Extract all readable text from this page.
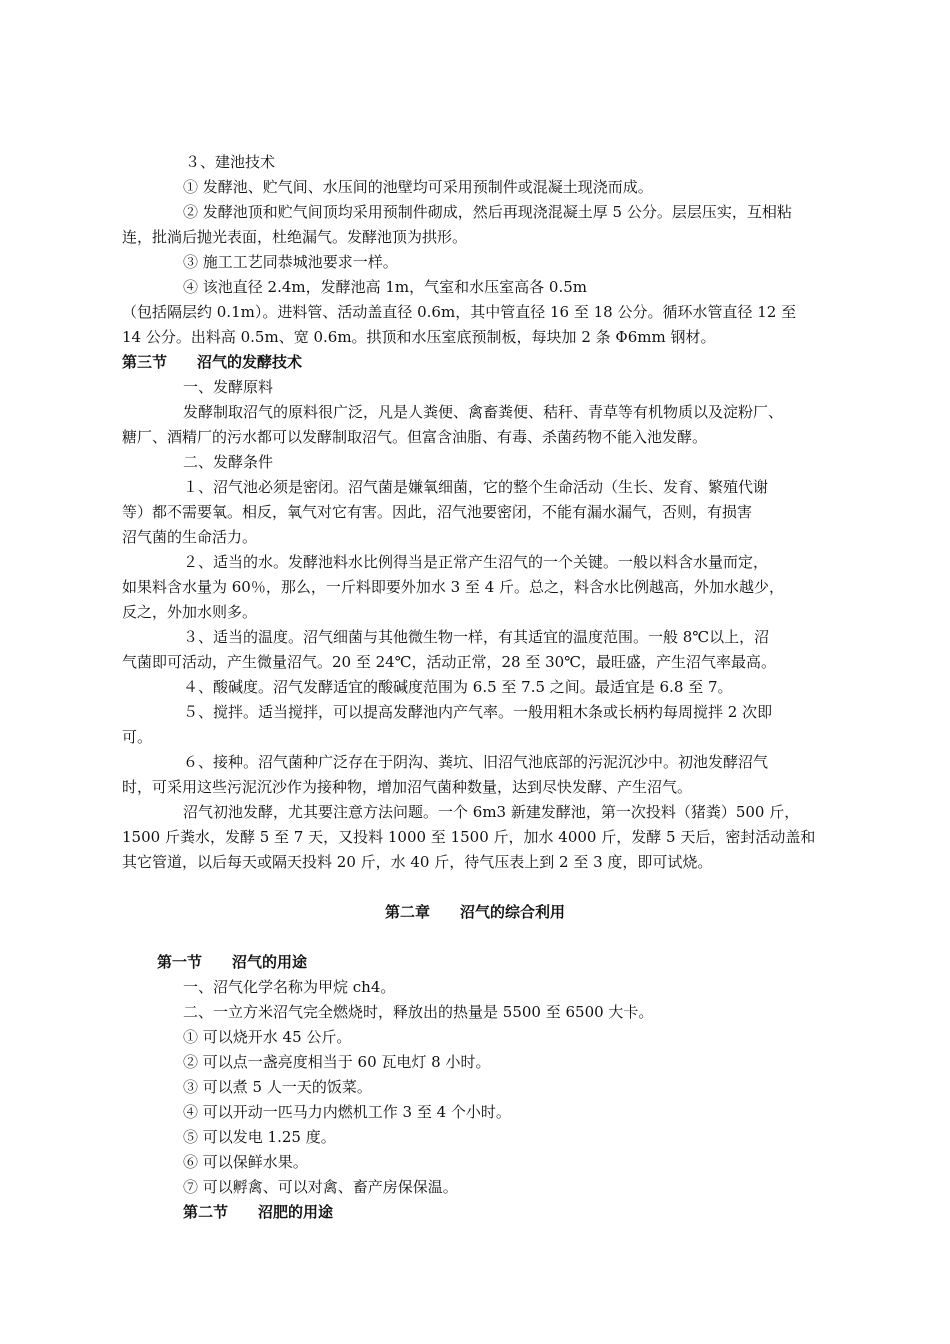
３、建池技术
① 发酵池、贮气间、水压间的池壁均可采用预制件或混凝土现浇而成。
② 发酵池顶和贮气间顶均采用预制件砌成，然后再现浇混凝土厚 5 公分。层层压实，互相粘
连，批淌后抛光表面，杜绝漏气。发酵池顶为拱形。
③ 施工工艺同恭城池要求一样。
④ 该池直径 2.4m，发酵池高 1m，气室和水压室高各 0.5m
（包括隔层约 0.1m）。进料管、活动盖直径 0.6m，其中管直径 16 至 18 公分。循环水管直径 12 至
14 公分。出料高 0.5m、宽 0.6m。拱顶和水压室底预制板，每块加 2 条 Φ6mm 钢材。
第三节　　沼气的发酵技术
一、发酵原料
发酵制取沼气的原料很广泛，凡是人粪便、禽畜粪便、秸秆、青草等有机物质以及淀粉厂、
糖厂、酒精厂的污水都可以发酵制取沼气。但富含油脂、有毒、杀菌药物不能入池发酵。
二、发酵条件
１、沼气池必须是密闭。沼气菌是嫌氧细菌，它的整个生命活动（生长、发育、繁殖代谢
等）都不需要氧。相反，氧气对它有害。因此，沼气池要密闭，不能有漏水漏气，否则，有损害
沼气菌的生命活力。
２、适当的水。发酵池料水比例得当是正常产生沼气的一个关键。一般以料含水量而定，
如果料含水量为 60％，那么，一斤料即要外加水 3 至 4 斤。总之，料含水比例越高，外加水越少，
反之，外加水则多。
３、适当的温度。沼气细菌与其他微生物一样，有其适宜的温度范围。一般 8℃以上，沼
气菌即可活动，产生微量沼气。20 至 24℃，活动正常，28 至 30℃，最旺盛，产生沼气率最高。
４、酸碱度。沼气发酵适宜的酸碱度范围为 6.5 至 7.5 之间。最适宜是 6.8 至 7。
５、搅拌。适当搅拌，可以提高发酵池内产气率。一般用粗木条或长柄杓每周搅拌 2 次即
可。
６、接种。沼气菌种广泛存在于阴沟、粪坑、旧沼气池底部的污泥沉沙中。初池发酵沼气
时，可采用这些污泥沉沙作为接种物，增加沼气菌种数量，达到尽快发酵、产生沼气。
沼气初池发酵，尤其要注意方法问题。一个 6m3 新建发酵池，第一次投料（猪粪）500 斤，
1500 斤粪水，发酵 5 至 7 天，又投料 1000 至 1500 斤，加水 4000 斤，发酵 5 天后，密封活动盖和
其它管道，以后每天或隔天投料 20 斤，水 40 斤，待气压表上到 2 至 3 度，即可试烧。
第二章　　沼气的综合利用
第一节　　沼气的用途
一、沼气化学名称为甲烷 ch4。
二、一立方米沼气完全燃烧时，释放出的热量是 5500 至 6500 大卡。
① 可以烧开水 45 公斤。
② 可以点一盏亮度相当于 60 瓦电灯 8 小时。
③ 可以煮 5 人一天的饭菜。
④ 可以开动一匹马力内燃机工作 3 至 4 个小时。
⑤ 可以发电 1.25 度。
⑥ 可以保鲜水果。
⑦ 可以孵禽、可以对禽、畜产房保保温。
第二节　　沼肥的用途
